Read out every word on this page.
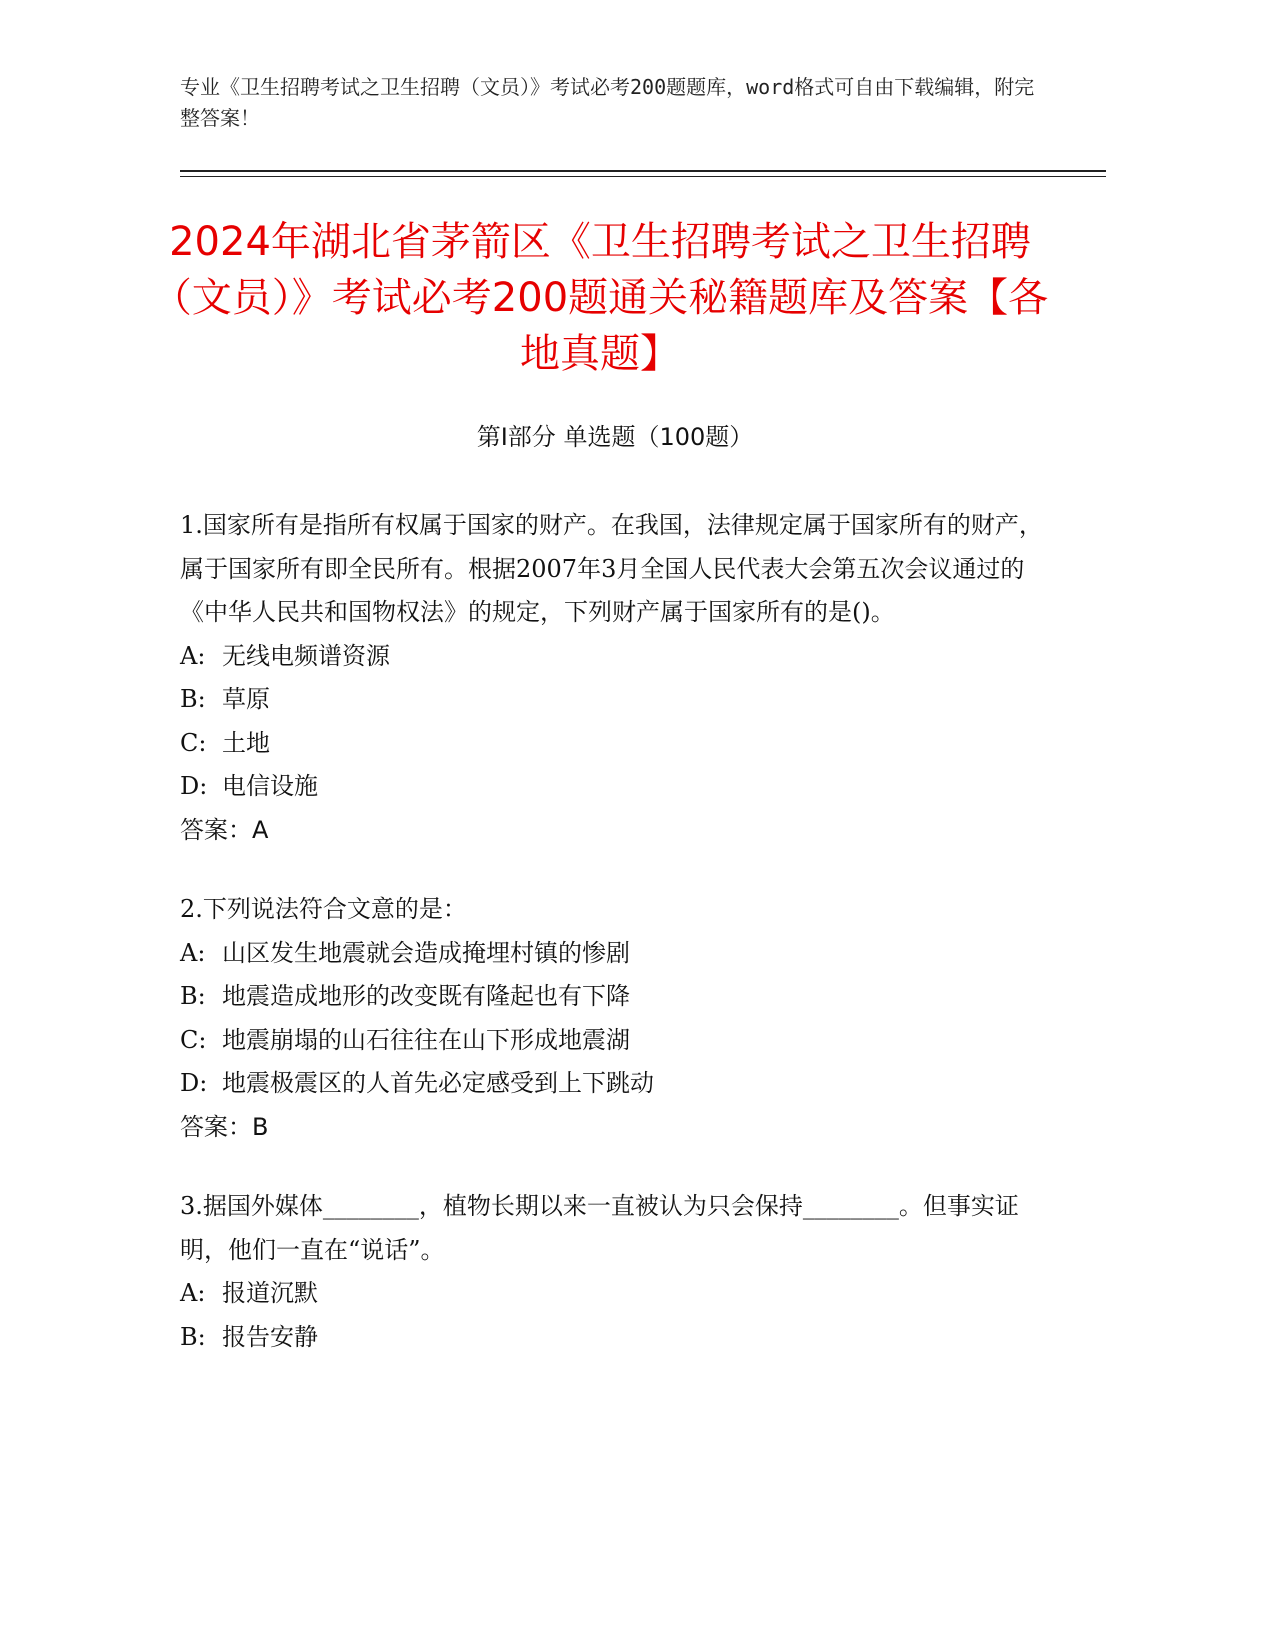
专业《卫生招聘考试之卫生招聘（文员）》考试必考200题题库，word格式可自由下载编辑，附完整答案！
2024年湖北省茅箭区《卫生招聘考试之卫生招聘（文员）》考试必考200题通关秘籍题库及答案【各地真题】
第I部分 单选题（100题）
1.国家所有是指所有权属于国家的财产。在我国，法律规定属于国家所有的财产，属于国家所有即全民所有。根据2007年3月全国人民代表大会第五次会议通过的《中华人民共和国物权法》的规定，下列财产属于国家所有的是()。
A: 无线电频谱资源
B: 草原
C: 土地
D: 电信设施
答案：A
2.下列说法符合文意的是：
A: 山区发生地震就会造成掩埋村镇的惨剧
B: 地震造成地形的改变既有隆起也有下降
C: 地震崩塌的山石往往在山下形成地震湖
D: 地震极震区的人首先必定感受到上下跳动
答案：B
3.据国外媒体________，植物长期以来一直被认为只会保持________。但事实证明，他们一直在“说话”。
A: 报道沉默
B: 报告安静
